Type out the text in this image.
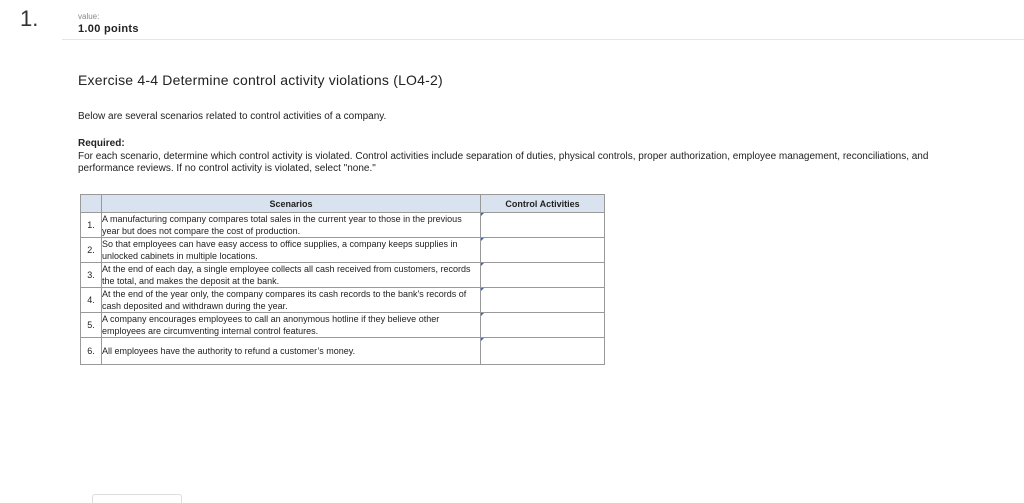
1.	value:
1.00 points
Exercise 4-4 Determine control activity violations (LO4-2)
Below are several scenarios related to control activities of a company.
Required:
For each scenario, determine which control activity is violated. Control activities include separation of duties, physical controls, proper authorization, employee management, reconciliations, and performance reviews. If no control activity is violated, select "none."
	Scenarios	Control Activities
1.	A manufacturing company compares total sales in the current year to those in the previous year but does not compare the cost of production.	

2.	So that employees can have easy access to office supplies, a company keeps supplies in unlocked cabinets in multiple locations.	

3.	At the end of each day, a single employee collects all cash received from customers, records the total, and makes the deposit at the bank.	

4.	At the end of the year only, the company compares its cash records to the bank's records of cash deposited and withdrawn during the year.	

5.	A company encourages employees to call an anonymous hotline if they believe other employees are circumventing internal control features.	

6.	All employees have the authority to refund a customer’s money.	
